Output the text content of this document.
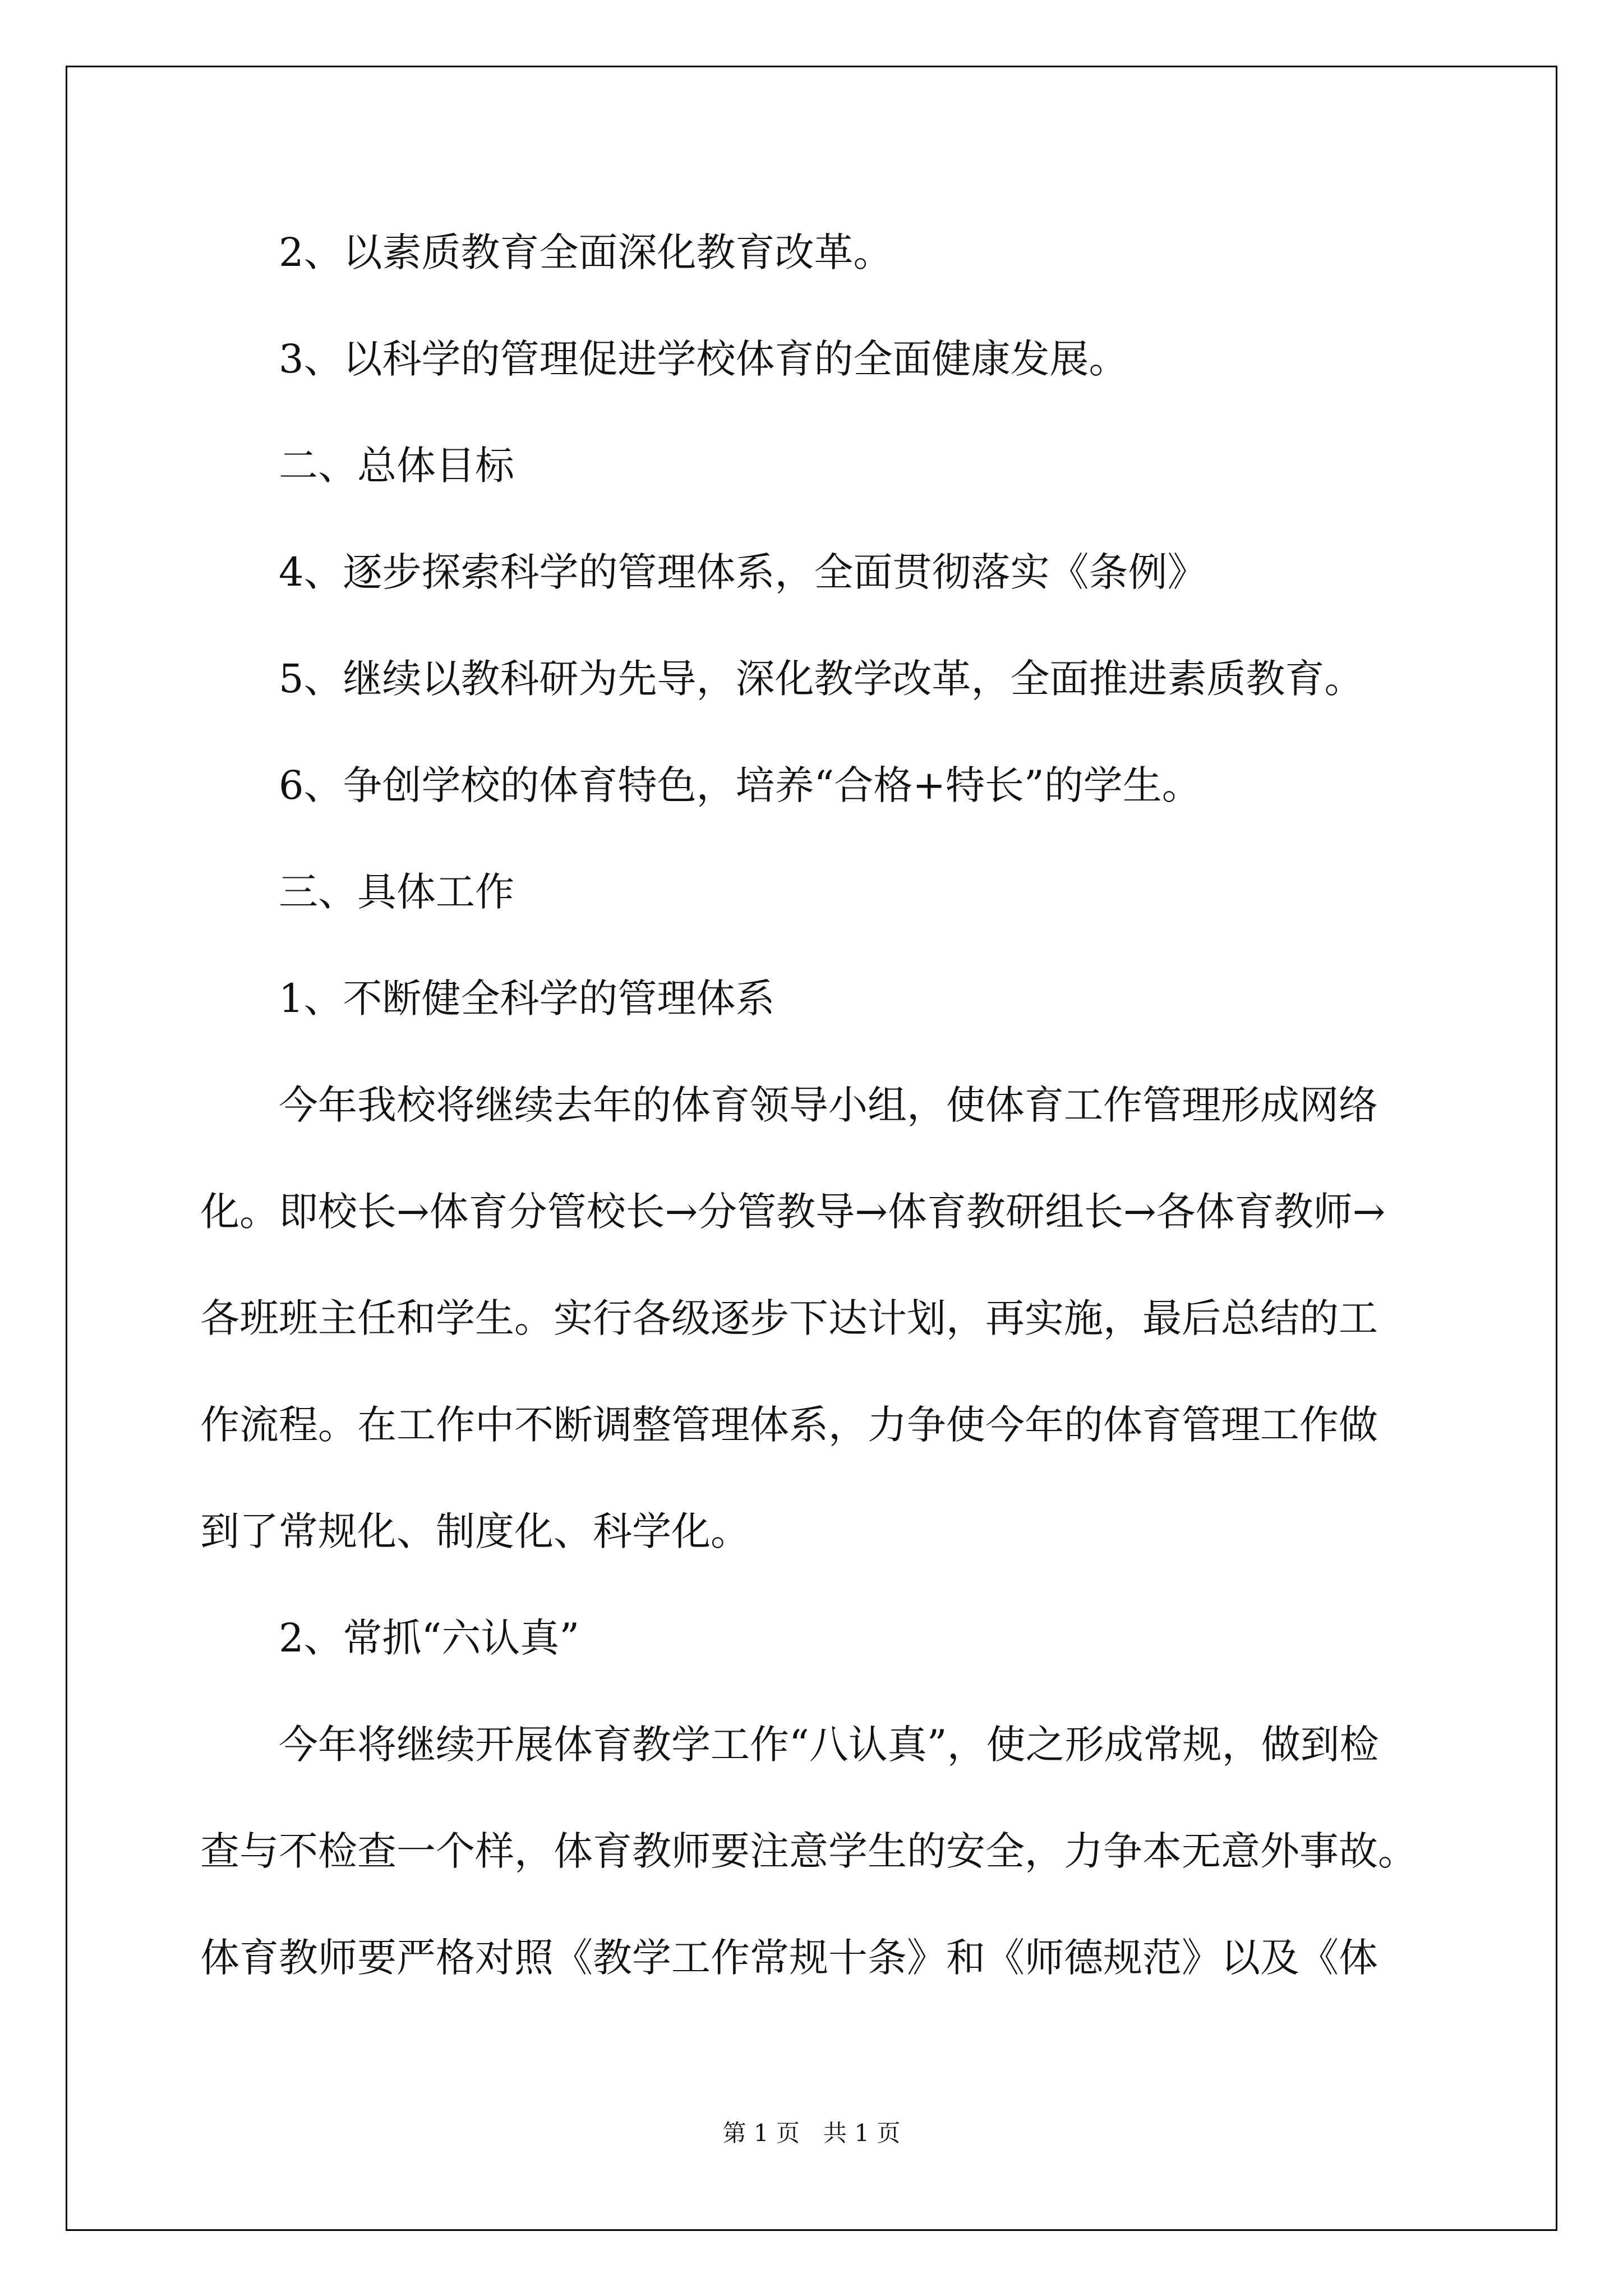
2、以素质教育全面深化教育改革。
3、以科学的管理促进学校体育的全面健康发展。
二、总体目标
4、逐步探索科学的管理体系，全面贯彻落实《条例》
5、继续以教科研为先导，深化教学改革，全面推进素质教育。
6、争创学校的体育特色，培养“合格+特长”的学生。
三、具体工作
1、不断健全科学的管理体系
今年我校将继续去年的体育领导小组，使体育工作管理形成网络
化。即校长→体育分管校长→分管教导→体育教研组长→各体育教师→
各班班主任和学生。实行各级逐步下达计划，再实施，最后总结的工
作流程。在工作中不断调整管理体系，力争使今年的体育管理工作做
到了常规化、制度化、科学化。
2、常抓“六认真”
今年将继续开展体育教学工作“八认真”，使之形成常规，做到检
查与不检查一个样，体育教师要注意学生的安全，力争本无意外事故。
体育教师要严格对照《教学工作常规十条》和《师德规范》以及《体
第 1 页　共 1 页
